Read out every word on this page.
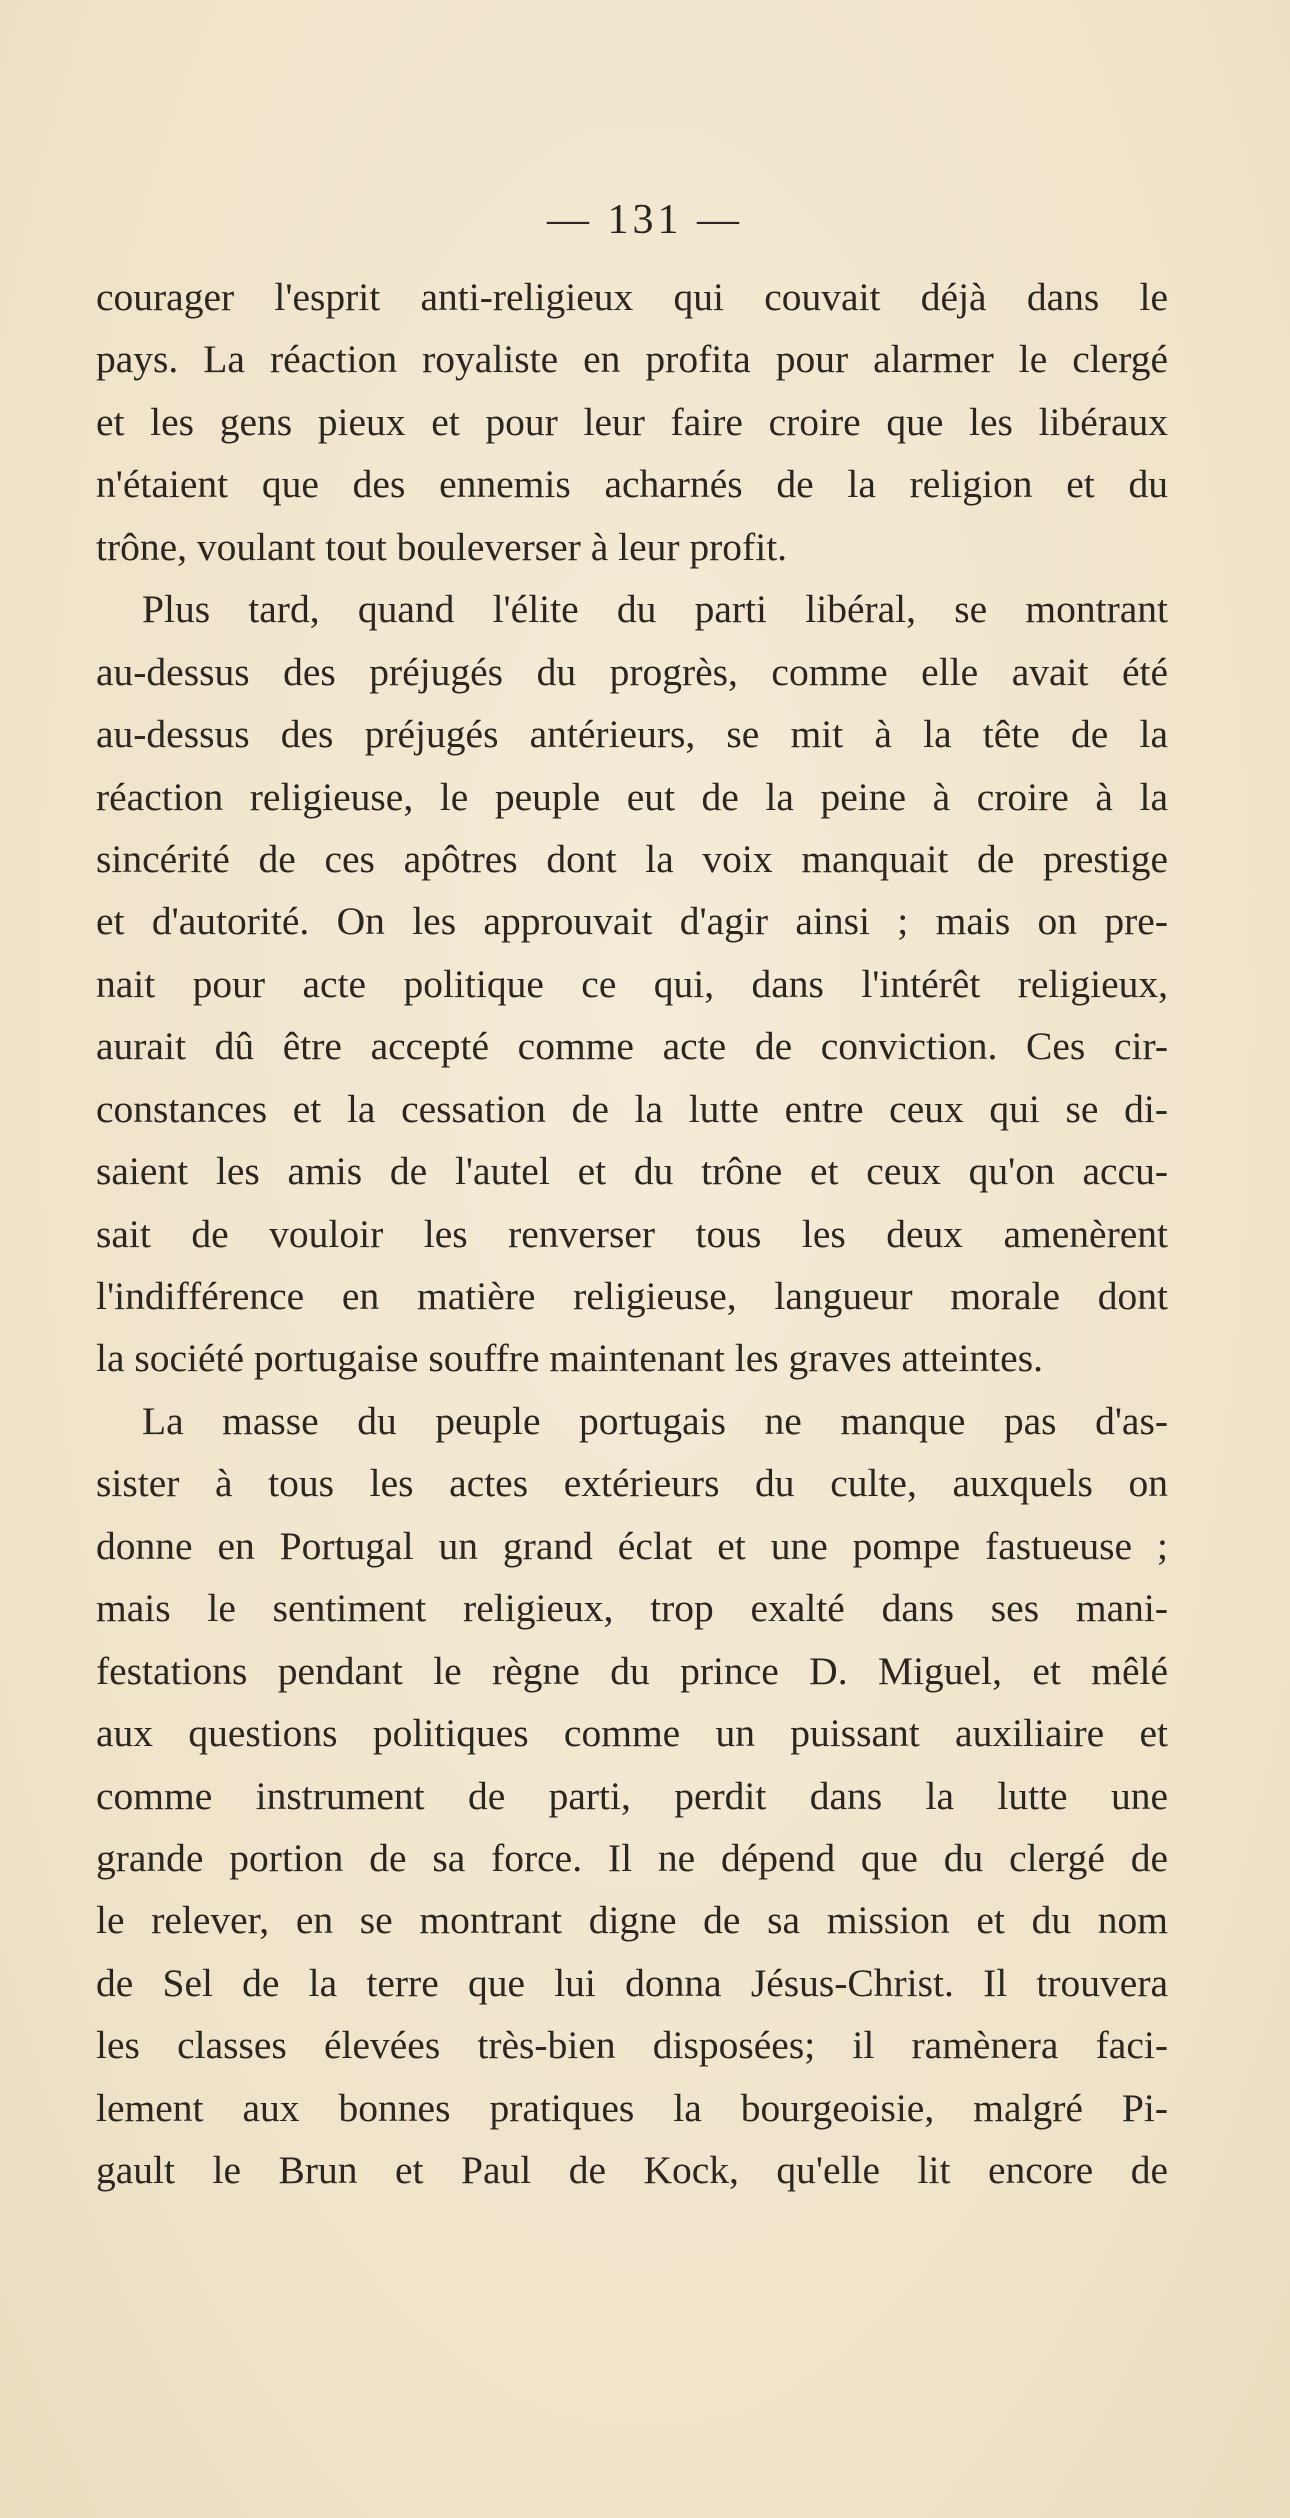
— 131 —
courager l'esprit anti-religieux qui couvait déjà dans le
pays. La réaction royaliste en profita pour alarmer le clergé
et les gens pieux et pour leur faire croire que les libéraux
n'étaient que des ennemis acharnés de la religion et du
trône, voulant tout bouleverser à leur profit.
Plus tard, quand l'élite du parti libéral, se montrant
au-dessus des préjugés du progrès, comme elle avait été
au-dessus des préjugés antérieurs, se mit à la tête de la
réaction religieuse, le peuple eut de la peine à croire à la
sincérité de ces apôtres dont la voix manquait de prestige
et d'autorité. On les approuvait d'agir ainsi ; mais on pre-
nait pour acte politique ce qui, dans l'intérêt religieux,
aurait dû être accepté comme acte de conviction. Ces cir-
constances et la cessation de la lutte entre ceux qui se di-
saient les amis de l'autel et du trône et ceux qu'on accu-
sait de vouloir les renverser tous les deux amenèrent
l'indifférence en matière religieuse, langueur morale dont
la société portugaise souffre maintenant les graves atteintes.
La masse du peuple portugais ne manque pas d'as-
sister à tous les actes extérieurs du culte, auxquels on
donne en Portugal un grand éclat et une pompe fastueuse ;
mais le sentiment religieux, trop exalté dans ses mani-
festations pendant le règne du prince D. Miguel, et mêlé
aux questions politiques comme un puissant auxiliaire et
comme instrument de parti, perdit dans la lutte une
grande portion de sa force. Il ne dépend que du clergé de
le relever, en se montrant digne de sa mission et du nom
de Sel de la terre que lui donna Jésus-Christ. Il trouvera
les classes élevées très-bien disposées; il ramènera faci-
lement aux bonnes pratiques la bourgeoisie, malgré Pi-
gault le Brun et Paul de Kock, qu'elle lit encore de
